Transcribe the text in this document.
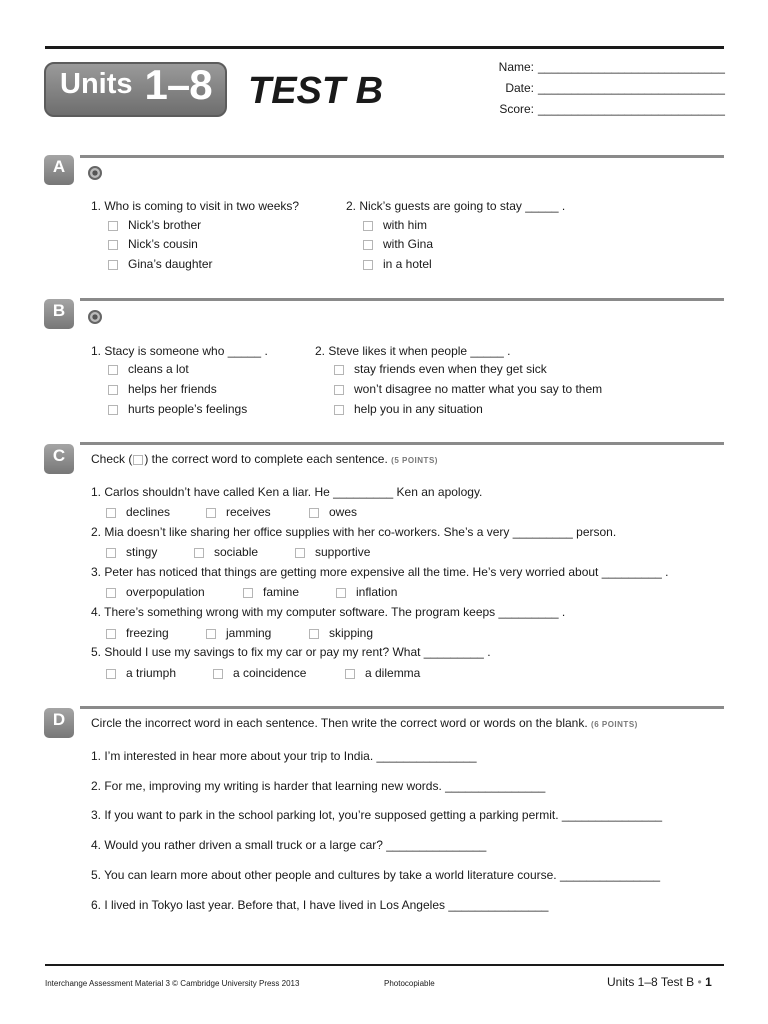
Units 1–8 TEST B
Name: ____________________________
Date: ____________________________
Score: ____________________________
A
1. Who is coming to visit in two weeks?
Nick’s brother
Nick’s cousin
Gina’s daughter
2. Nick’s guests are going to stay _____ .
with him
with Gina
in a hotel
B
1. Stacy is someone who _____ .
cleans a lot
helps her friends
hurts people’s feelings
2. Steve likes it when people _____ .
stay friends even when they get sick
won’t disagree no matter what you say to them
help you in any situation
C	Check ( ) the correct word to complete each sentence. (5 POINTS)
1. Carlos shouldn’t have called Ken a liar. He _________ Ken an apology.
declines	receives	owes
2. Mia doesn’t like sharing her office supplies with her co-workers. She’s a very _________ person.
stingy	sociable	supportive
3. Peter has noticed that things are getting more expensive all the time. He’s very worried about _________ .
overpopulation	famine	inflation
4. There’s something wrong with my computer software. The program keeps _________ .
freezing	jamming	skipping
5. Should I use my savings to fix my car or pay my rent? What _________ .
a triumph	a coincidence	a dilemma
D	Circle the incorrect word in each sentence. Then write the correct word or words on the blank. (6 POINTS)
1. I’m interested in hear more about your trip to India. _______________
2. For me, improving my writing is harder that learning new words. _______________
3. If you want to park in the school parking lot, you’re supposed getting a parking permit. _______________
4. Would you rather driven a small truck or a large car? _______________
5. You can learn more about other people and cultures by take a world literature course. _______________
6. I lived in Tokyo last year. Before that, I have lived in Los Angeles _______________
Interchange Assessment Material 3 © Cambridge University Press 2013	Photocopiable	Units 1–8 Test B • 1
